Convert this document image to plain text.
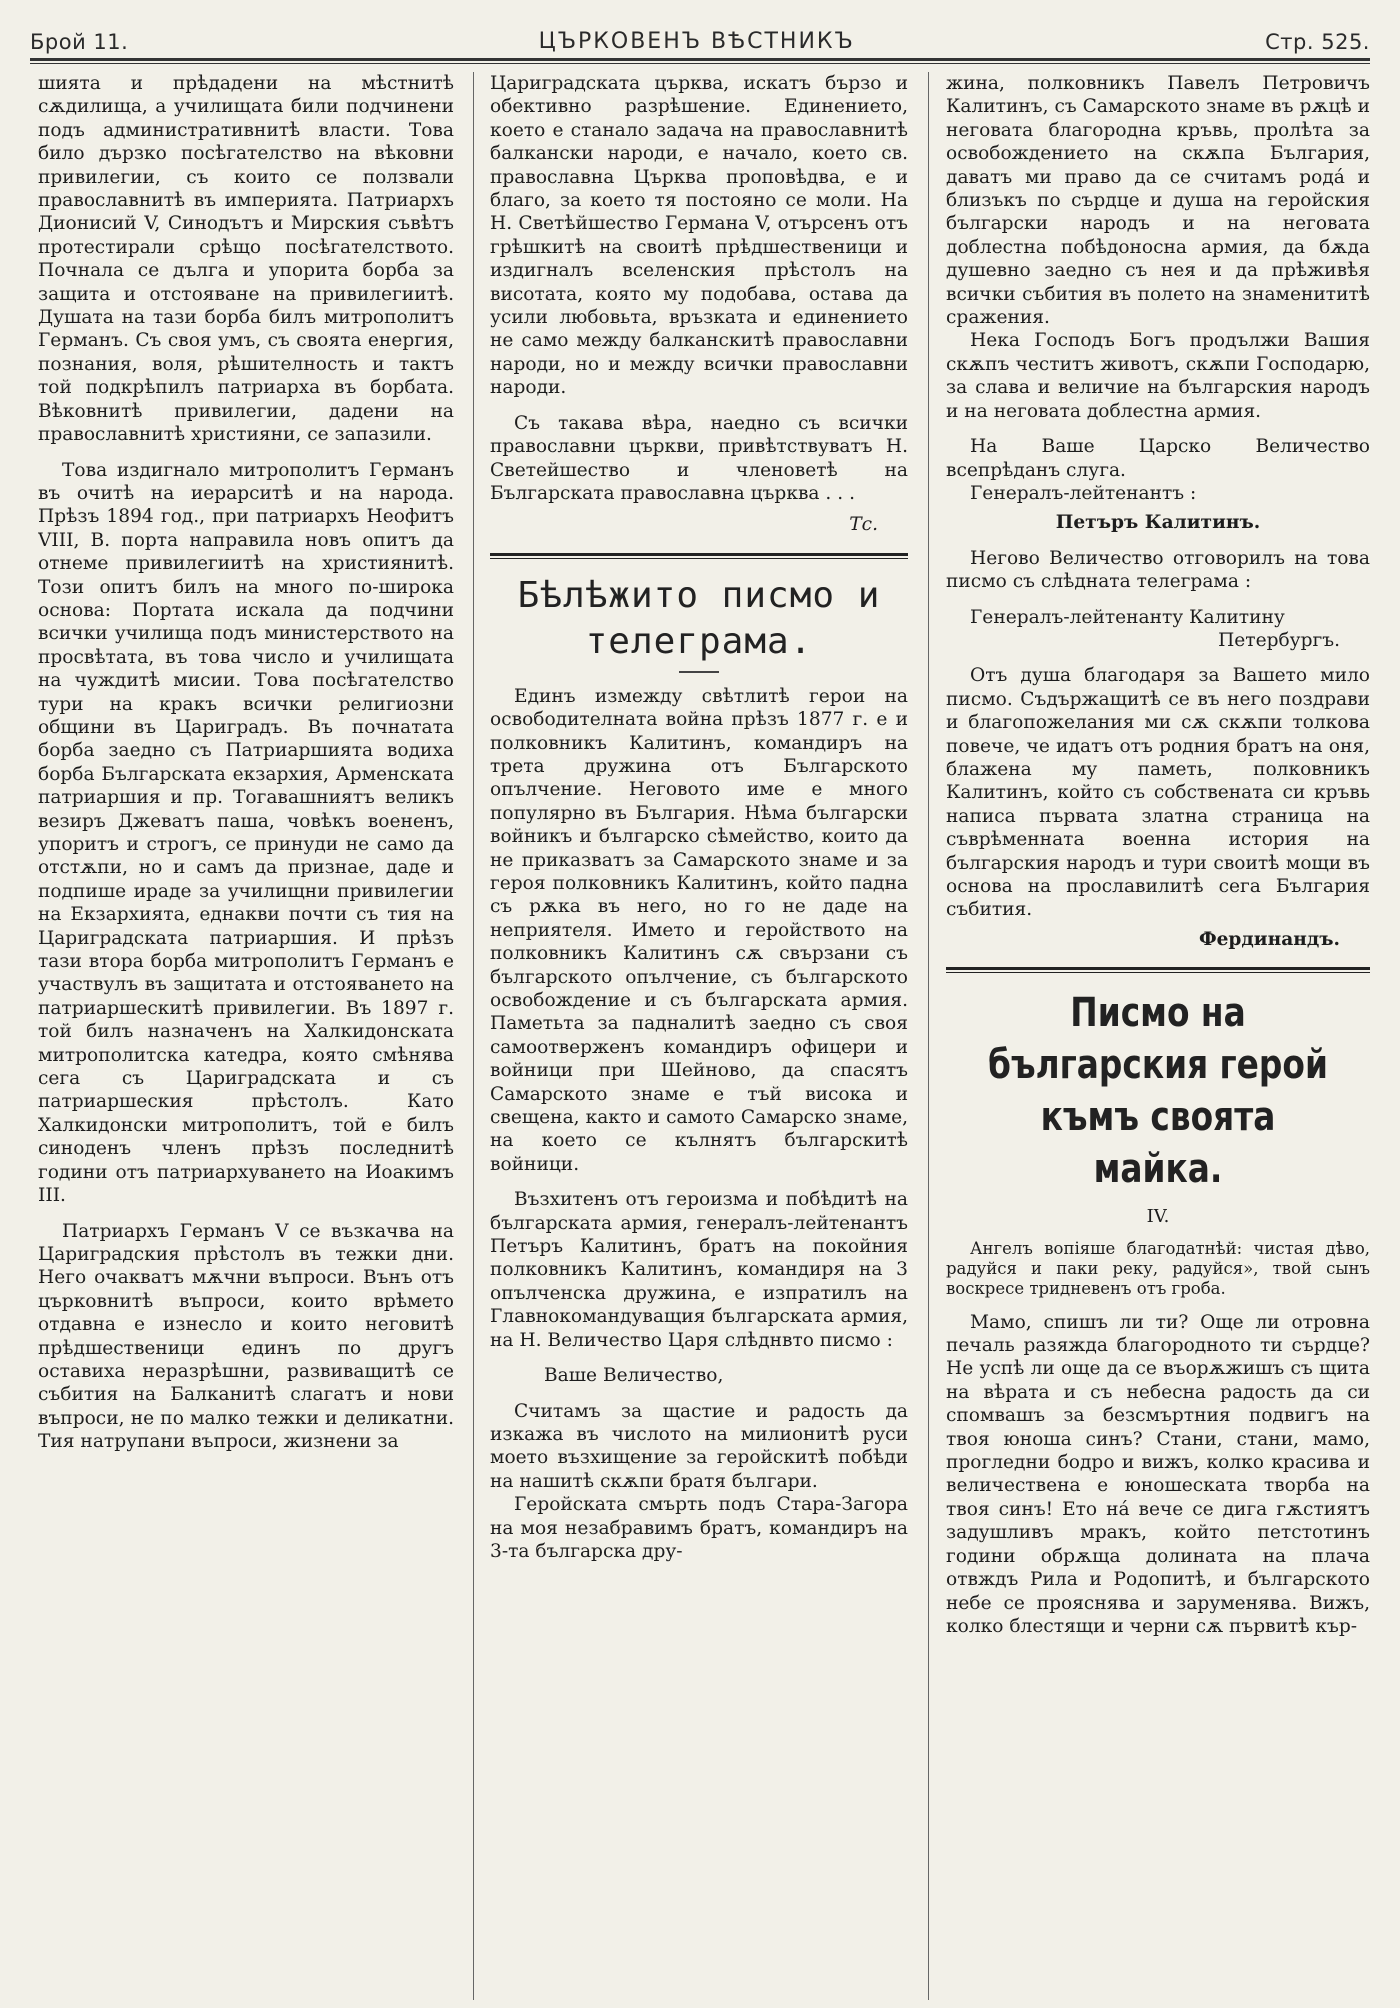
Брой 11.	ЦЪРКОВЕНЪ ВѢСТНИКЪ	Стр. 525.

шията и прѣдадени на мѣстнитѣ сѫдилища, а училищата били подчинени подъ административнитѣ власти. Това било дързко посѣгателство на вѣковни привилегии, съ които се ползвали православнитѣ въ империята. Патриархъ Дионисий V, Синодътъ и Мирския съвѣтъ протестирали срѣщо посѣгателството. Почнала се дълга и упорита борба за защита и отстояване на привилегиитѣ. Душата на тази борба билъ митрополитъ Германъ. Съ своя умъ, съ своята енергия, познания, воля, рѣшителность и тактъ той подкрѣпилъ патриарха въ борбата. Вѣковнитѣ привилегии, дадени на православнитѣ християни, се запазили.

Това издигнало митрополитъ Германъ въ очитѣ на иерарситѣ и на народа. Прѣзъ 1894 год., при патриархъ Неофитъ VIII, В. порта направила новъ опитъ да отнеме привилегиитѣ на християнитѣ. Този опитъ билъ на много по-широка основа: Портата искала да подчини всички училища подъ министерството на просвѣтата, въ това число и училищата на чуждитѣ мисии. Това посѣгателство тури на кракъ всички религиозни общини въ Цариградъ. Въ почнатата борба заедно съ Патриаршията водиха борба Българската екзархия, Арменската патриаршия и пр. Тогавашниятъ великъ везиръ Джеватъ паша, човѣкъ воененъ, упоритъ и строгъ, се принуди не само да отстѫпи, но и самъ да признае, даде и подпише ираде за училищни привилегии на Екзархията, еднакви почти съ тия на Цариградската патриаршия. И прѣзъ тази втора борба митрополитъ Германъ е участвулъ въ защитата и отстояването на патриаршескитѣ привилегии. Въ 1897 г. той билъ назначенъ на Халкидонската митрополитска катедра, която смѣнява сега съ Цариградската и съ патриаршеския прѣстолъ. Като Халкидонски митрополитъ, той е билъ синоденъ членъ прѣзъ последнитѣ години отъ патриархуването на Иоакимъ III.

Патриархъ Германъ V се възкачва на Цариградския прѣстолъ въ тежки дни. Него очакватъ мѫчни въпроси. Вънъ отъ църковнитѣ въпроси, които врѣмето отдавна е изнесло и които неговитѣ прѣдшественици единъ по другъ оставиха неразрѣшни, развиващитѣ се събития на Балканитѣ слагатъ и нови въпроси, не по малко тежки и деликатни. Тия натрупани въпроси, жизнени за

Цариградската църква, искатъ бързо и обективно разрѣшение. Единението, което е станало задача на православнитѣ балкански народи, е начало, което св. православна Църква проповѣдва, е и благо, за което тя постояно се моли. На Н. Светѣйшество Германа V, отърсенъ отъ грѣшкитѣ на своитѣ прѣдшественици и издигналъ вселенския прѣстолъ на висотата, която му подобава, остава да усили любовьта, връзката и единението не само между балканскитѣ православни народи, но и между всички православни народи.

Съ такава вѣра, наедно съ всички православни църкви, привѣтствуватъ Н. Светейшество и членоветѣ на Българската православна църква . . .

Тс.

Бѣлѣжито писмо и телеграма.

Единъ измежду свѣтлитѣ герои на освободителната война прѣзъ 1877 г. е и полковникъ Калитинъ, командиръ на трета дружина отъ Българското опълчение. Неговото име е много популярно въ България. Нѣма български войникъ и българско сѣмейство, които да не приказватъ за Самарското знаме и за героя полковникъ Калитинъ, който падна съ рѫка въ него, но го не даде на неприятеля. Името и геройството на полковникъ Калитинъ сѫ свързани съ българското опълчение, съ българското освобождение и съ българската армия. Паметьта за падналитѣ заедно съ своя самоотверженъ командиръ офицери и войници при Шейново, да спасятъ Самарското знаме е тъй висока и свещена, както и самото Самарско знаме, на което се кълнятъ българскитѣ войници.

Възхитенъ отъ героизма и побѣдитѣ на българската армия, генералъ-лейтенантъ Петъръ Калитинъ, братъ на покойния полковникъ Калитинъ, командиря на 3 опълченска дружина, е изпратилъ на Главнокомандуващия българската армия, на Н. Величество Царя слѣднвто писмо :

Ваше Величество,

Считамъ за щастие и радость да изкажа въ числото на милионитѣ руси моето възхищение за геройскитѣ побѣди на нашитѣ скѫпи братя българи.

Геройската смърть подъ Стара-Загора на моя незабравимъ братъ, командиръ на 3-та българска дру-

жина, полковникъ Павелъ Петровичъ Калитинъ, съ Самарското знаме въ рѫцѣ и неговата благородна кръвь, пролѣта за освобождението на скѫпа България, даватъ ми право да се считамъ родá и близъкъ по сърдце и душа на геройския български народъ и на неговата доблестна побѣдоносна армия, да бѫда душевно заедно съ нея и да прѣживѣя всички събития въ полето на знаменититѣ сражения.

Нека Господъ Богъ продължи Вашия скѫпъ честитъ животъ, скѫпи Господарю, за слава и величие на българския народъ и на неговата доблестна армия.

На Ваше Царско Величество всепрѣданъ слуга.

Генералъ-лейтенантъ :

Петъръ Калитинъ.

Негово Величество отговорилъ на това писмо съ слѣдната телеграма :

Генералъ-лейтенанту Калитину

Петербургъ.

Отъ душа благодаря за Вашето мило писмо. Съдържащитѣ се въ него поздрави и благопожелания ми сѫ скѫпи толкова повече, че идатъ отъ родния братъ на оня, блажена му паметь, полковникъ Калитинъ, който съ собствената си кръвь написа първата златна страница на съврѣменната военна история на българския народъ и тури своитѣ мощи въ основа на прославилитѣ сега България събития.

Фердинандъ.

Писмо на българския герой къмъ своята майка.
IV.

Ангелъ вопіяше благодатнѣй: чистая дѣво, радуйся и паки реку, радуйся», твой сынъ воскресе тридневенъ отъ гроба.

Мамо, спишъ ли ти? Още ли отровна печаль разяжда благородното ти сърдце? Не успѣ ли още да се въорѫжишъ съ щита на вѣрата и съ небесна радость да си спомвашъ за безсмъртния подвигъ на твоя юноша синъ? Стани, стани, мамо, прогледни бодро и вижъ, колко красива и величествена е юношеската творба на твоя синъ! Ето нá вече се дига гѫстиятъ задушливъ мракъ, който петстотинъ години обрѫща долината на плача отвждъ Рила и Родопитѣ, и българското небе се прояснява и заруменява. Вижъ, колко блестящи и черни сѫ първитѣ кър-
